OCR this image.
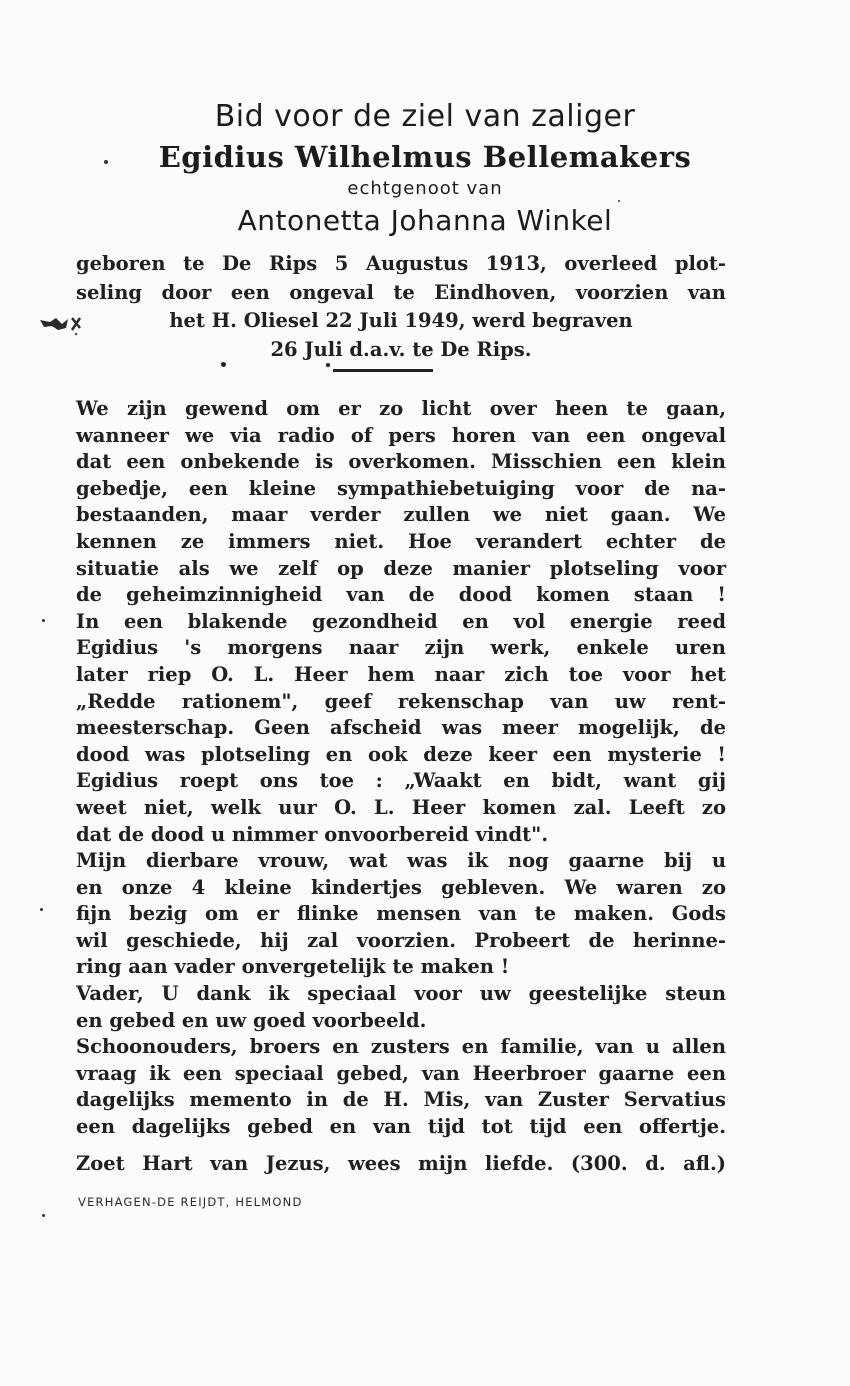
Bid voor de ziel van zaliger
Egidius Wilhelmus Bellemakers
echtgenoot van
Antonetta Johanna Winkel
geboren te De Rips 5 Augustus 1913, overleed plot-
seling door een ongeval te Eindhoven, voorzien van
het H. Oliesel 22 Juli 1949, werd begraven
26 Juli d.a.v. te De Rips.
We zijn gewend om er zo licht over heen te gaan,
wanneer we via radio of pers horen van een ongeval
dat een onbekende is overkomen. Misschien een klein
gebedje, een kleine sympathiebetuiging voor de na-
bestaanden, maar verder zullen we niet gaan. We
kennen ze immers niet. Hoe verandert echter de
situatie als we zelf op deze manier plotseling voor
de geheimzinnigheid van de dood komen staan !
In een blakende gezondheid en vol energie reed
Egidius 's morgens naar zijn werk, enkele uren
later riep O. L. Heer hem naar zich toe voor het
„Redde rationem", geef rekenschap van uw rent-
meesterschap. Geen afscheid was meer mogelijk, de
dood was plotseling en ook deze keer een mysterie !
Egidius roept ons toe : „Waakt en bidt, want gij
weet niet, welk uur O. L. Heer komen zal. Leeft zo
dat de dood u nimmer onvoorbereid vindt".
Mijn dierbare vrouw, wat was ik nog gaarne bij u
en onze 4 kleine kindertjes gebleven. We waren zo
fijn bezig om er flinke mensen van te maken. Gods
wil geschiede, hij zal voorzien. Probeert de herinne-
ring aan vader onvergetelijk te maken !
Vader, U dank ik speciaal voor uw geestelijke steun
en gebed en uw goed voorbeeld.
Schoonouders, broers en zusters en familie, van u allen
vraag ik een speciaal gebed, van Heerbroer gaarne een
dagelijks memento in de H. Mis, van Zuster Servatius
een dagelijks gebed en van tijd tot tijd een offertje.
Zoet Hart van Jezus, wees mijn liefde. (300. d. afl.)
VERHAGEN-DE REIJDT, HELMOND
